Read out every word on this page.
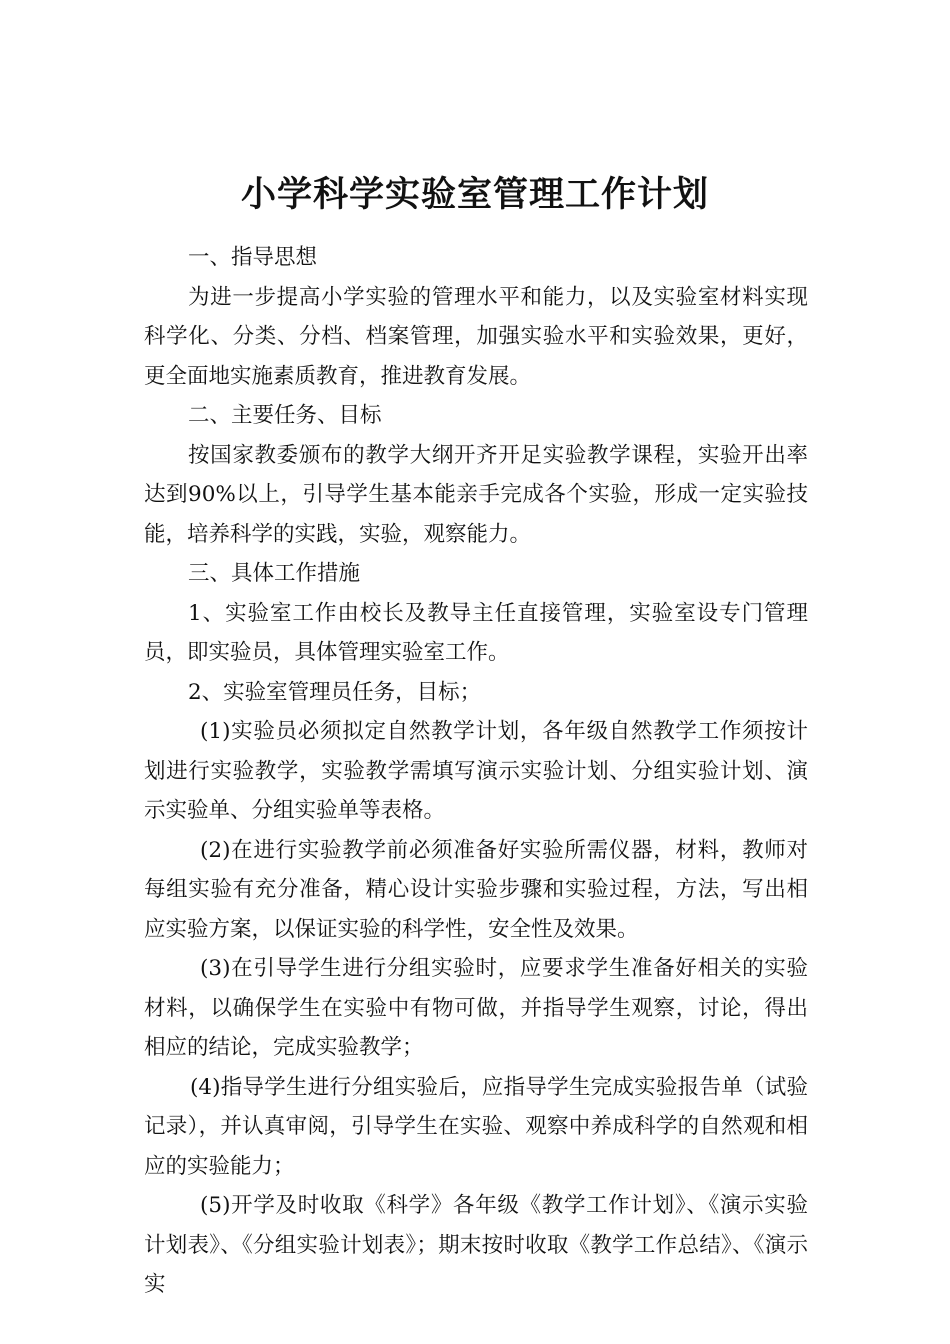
小学科学实验室管理工作计划

一、指导思想

为进一步提高小学实验的管理水平和能力，以及实验室材料实现科学化、分类、分档、档案管理，加强实验水平和实验效果，更好，更全面地实施素质教育，推进教育发展。

二、主要任务、目标

按国家教委颁布的教学大纲开齐开足实验教学课程，实验开出率达到90%以上，引导学生基本能亲手完成各个实验，形成一定实验技能，培养科学的实践，实验，观察能力。

三、具体工作措施

1、实验室工作由校长及教导主任直接管理，实验室设专门管理员，即实验员，具体管理实验室工作。

2、实验室管理员任务，目标；

(1)实验员必须拟定自然教学计划，各年级自然教学工作须按计划进行实验教学，实验教学需填写演示实验计划、分组实验计划、演示实验单、分组实验单等表格。

(2)在进行实验教学前必须准备好实验所需仪器，材料，教师对每组实验有充分准备，精心设计实验步骤和实验过程，方法，写出相应实验方案，以保证实验的科学性，安全性及效果。

(3)在引导学生进行分组实验时，应要求学生准备好相关的实验材料，以确保学生在实验中有物可做，并指导学生观察，讨论，得出相应的结论，完成实验教学；

(4)指导学生进行分组实验后，应指导学生完成实验报告单（试验记录），并认真审阅，引导学生在实验、观察中养成科学的自然观和相应的实验能力；

(5)开学及时收取《科学》各年级《教学工作计划》、《演示实验计划表》、《分组实验计划表》；期末按时收取《教学工作总结》、《演示实
